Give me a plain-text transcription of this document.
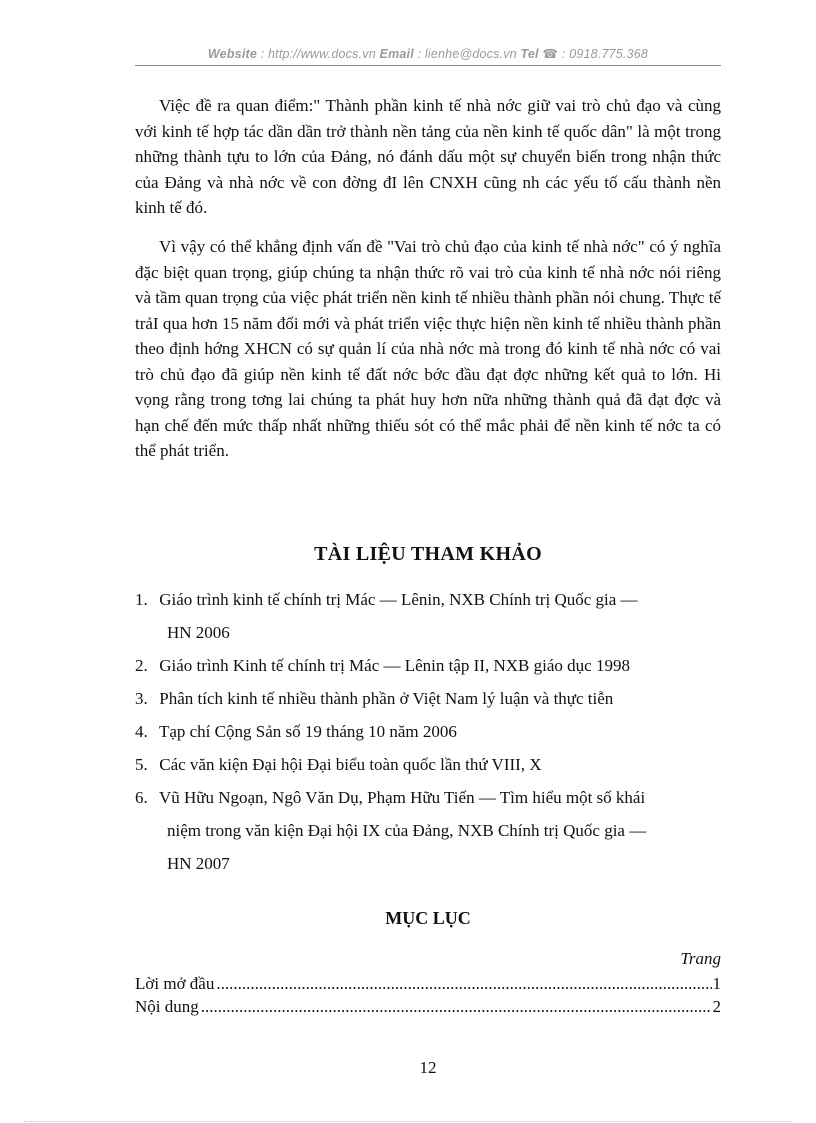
Website : http://www.docs.vn Email : lienhe@docs.vn Tel ☎ : 0918.775.368

Việc đề ra quan điểm:" Thành phần kinh tế nhà nớc giữ vai trò chủ đạo và cùng với kinh tế hợp tác dần dần trở thành nền tảng của nền kinh tế quốc dân" là một trong những thành tựu to lớn của Đảng, nó đánh dấu một sự chuyển biến trong nhận thức của Đảng và nhà nớc về con đờng đI lên CNXH cũng nh các yếu tố cấu thành nền kinh tế đó.

Vì vậy có thể khẳng định vấn đề "Vai trò chủ đạo của kinh tế nhà nớc" có ý nghĩa đặc biệt quan trọng, giúp chúng ta nhận thức rõ vai trò của kinh tế nhà nớc nói riêng và tầm quan trọng của việc phát triển nền kinh tế nhiều thành phần nói chung. Thực tế trảI qua hơn 15 năm đổi mới và phát triển việc thực hiện nền kinh tế nhiều thành phần theo định hớng XHCN có sự quản lí của nhà nớc mà trong đó kinh tế nhà nớc có vai trò chủ đạo đã giúp nền kinh tế đất nớc bớc đầu đạt đợc những kết quả to lớn. Hi vọng rằng trong tơng lai chúng ta phát huy hơn nữa những thành quả đã đạt đợc và hạn chế đến mức thấp nhất những thiếu sót có thể mắc phải để nền kinh tế nớc ta có thể phát triển.

TÀI LIỆU THAM KHẢO
1. Giáo trình kinh tế chính trị Mác — Lênin, NXB Chính trị Quốc gia —
HN 2006
2. Giáo trình Kinh tế chính trị Mác — Lênin tập II, NXB giáo dục 1998
3. Phân tích kinh tế nhiều thành phần ở Việt Nam lý luận và thực tiễn
4. Tạp chí Cộng Sản số 19 tháng 10 năm 2006
5. Các văn kiện Đại hội Đại biểu toàn quốc lần thứ VIII, X
6. Vũ Hữu Ngoạn, Ngô Văn Dụ, Phạm Hữu Tiến — Tìm hiểu một số khái
niệm trong văn kiện Đại hội IX của Đảng, NXB Chính trị Quốc gia —
HN 2007
MỤC LỤC
Trang
Lời mở đầu .....	1
Nội dung .....	2
12
